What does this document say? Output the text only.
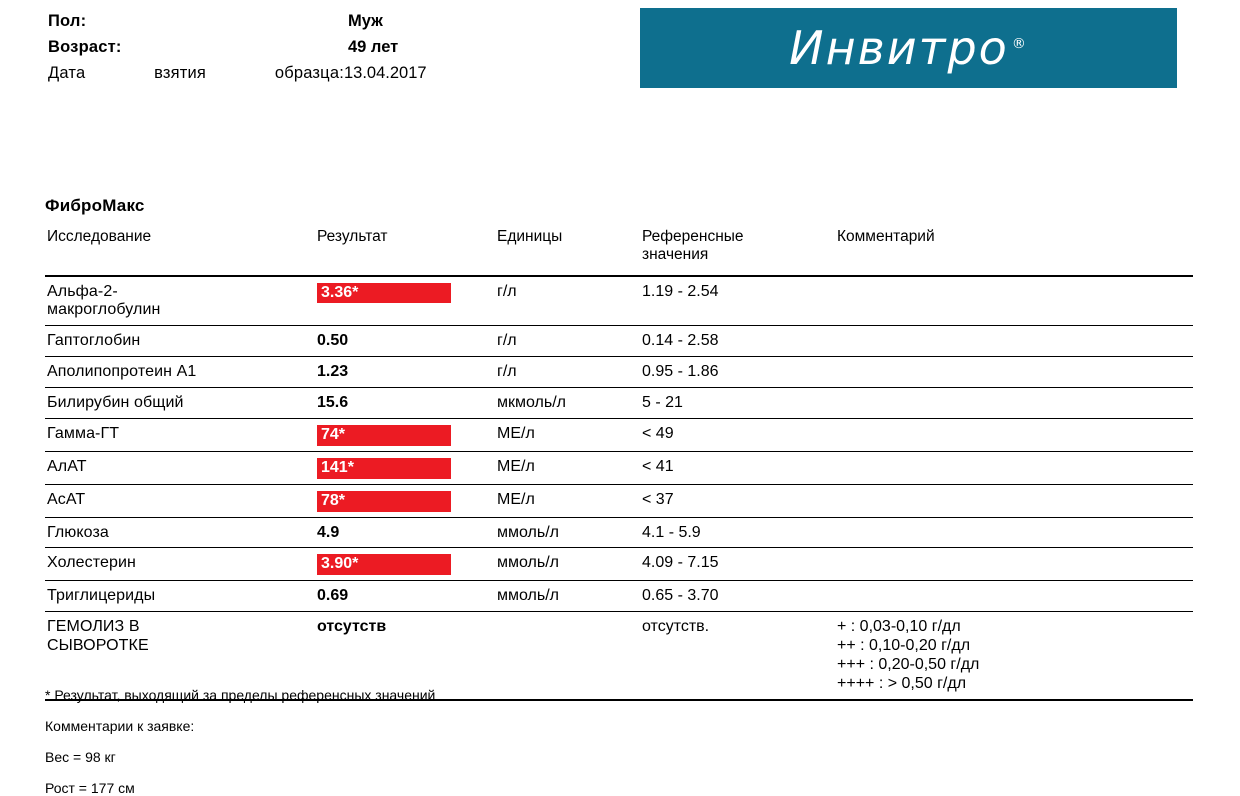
Пол:	Муж
Возраст:	49 лет
Дата	взятия	образца: 13.04.2017	Инвитро ®
ФиброМакс
Исследование	Результат	Единицы	Референсные
значения	Комментарий

Альфа-2-
макроглобулин	3.36*	г/л	1.19 - 2.54	
Гаптоглобин	0.50	г/л	0.14 - 2.58	
Аполипопротеин A1	1.23	г/л	0.95 - 1.86	
Билирубин общий	15.6	мкмоль/л	5 - 21	
Гамма-ГТ	74*	МЕ/л	< 49	
АлАТ	141*	МЕ/л	< 41	
АсАТ	78*	МЕ/л	< 37	
Глюкоза	4.9	ммоль/л	4.1 - 5.9	
Холестерин	3.90*	ммоль/л	4.09 - 7.15	
Триглицериды	0.69	ммоль/л	0.65 - 3.70	

ГЕМОЛИЗ В
СЫВОРОТКЕ	отсутств		отсутств.	+ : 0,03-0,10 г/дл
++ : 0,10-0,20 г/дл
+++ : 0,20-0,50 г/дл
++++ : > 0,50 г/дл
* Результат, выходящий за пределы референсных значений
Комментарии к заявке:
Вес = 98 кг
Рост = 177 см
